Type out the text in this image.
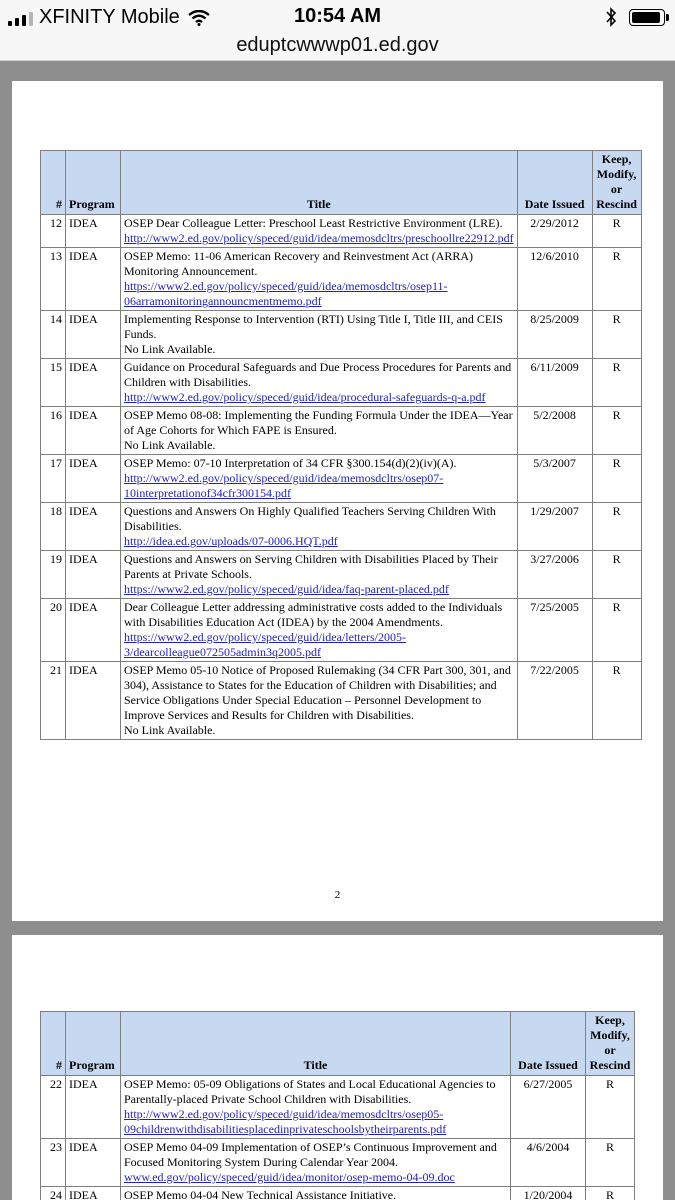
XFINITY Mobile	10:54 AM
eduptcwwwp01.ed.gov
#	Program	Title	Date Issued	Keep, Modify, or Rescind
12	IDEA	OSEP Dear Colleague Letter: Preschool Least Restrictive Environment (LRE).
http://www2.ed.gov/policy/speced/guid/idea/memosdcltrs/preschoollre22912.pdf	2/29/2012	R
13	IDEA	OSEP Memo: 11-06 American Recovery and Reinvestment Act (ARRA) Monitoring Announcement.
https://www2.ed.gov/policy/speced/guid/idea/memosdcltrs/osep11-06arramonitoringannouncmentmemo.pdf	12/6/2010	R
14	IDEA	Implementing Response to Intervention (RTI) Using Title I, Title III, and CEIS Funds.
No Link Available.	8/25/2009	R
15	IDEA	Guidance on Procedural Safeguards and Due Process Procedures for Parents and Children with Disabilities.
http://www2.ed.gov/policy/speced/guid/idea/procedural-safeguards-q-a.pdf	6/11/2009	R
16	IDEA	OSEP Memo 08-08: Implementing the Funding Formula Under the IDEA—Year of Age Cohorts for Which FAPE is Ensured.
No Link Available.	5/2/2008	R
17	IDEA	OSEP Memo: 07-10 Interpretation of 34 CFR §300.154(d)(2)(iv)(A).
http://www2.ed.gov/policy/speced/guid/idea/memosdcltrs/osep07-10interpretationof34cfr300154.pdf	5/3/2007	R
18	IDEA	Questions and Answers On Highly Qualified Teachers Serving Children With Disabilities.
http://idea.ed.gov/uploads/07-0006.HQT.pdf	1/29/2007	R
19	IDEA	Questions and Answers on Serving Children with Disabilities Placed by Their Parents at Private Schools.
https://www2.ed.gov/policy/speced/guid/idea/faq-parent-placed.pdf	3/27/2006	R
20	IDEA	Dear Colleague Letter addressing administrative costs added to the Individuals with Disabilities Education Act (IDEA) by the 2004 Amendments.
https://www2.ed.gov/policy/speced/guid/idea/letters/2005-3/dearcolleague072505admin3q2005.pdf	7/25/2005	R
21	IDEA	OSEP Memo 05-10 Notice of Proposed Rulemaking (34 CFR Part 300, 301, and 304), Assistance to States for the Education of Children with Disabilities; and Service Obligations Under Special Education – Personnel Development to Improve Services and Results for Children with Disabilities.
No Link Available.	7/22/2005	R
2
#	Program	Title	Date Issued	Keep, Modify, or Rescind
22	IDEA	OSEP Memo: 05-09 Obligations of States and Local Educational Agencies to Parentally-placed Private School Children with Disabilities.
http://www2.ed.gov/policy/speced/guid/idea/memosdcltrs/osep05-09childrenwithdisabilitiesplacedinprivateschoolsbytheirparents.pdf	6/27/2005	R
23	IDEA	OSEP Memo 04-09 Implementation of OSEP’s Continuous Improvement and Focused Monitoring System During Calendar Year 2004.
www.ed.gov/policy/speced/guid/idea/monitor/osep-memo-04-09.doc	4/6/2004	R
24	IDEA	OSEP Memo 04-04 New Technical Assistance Initiative.	1/20/2004	R
